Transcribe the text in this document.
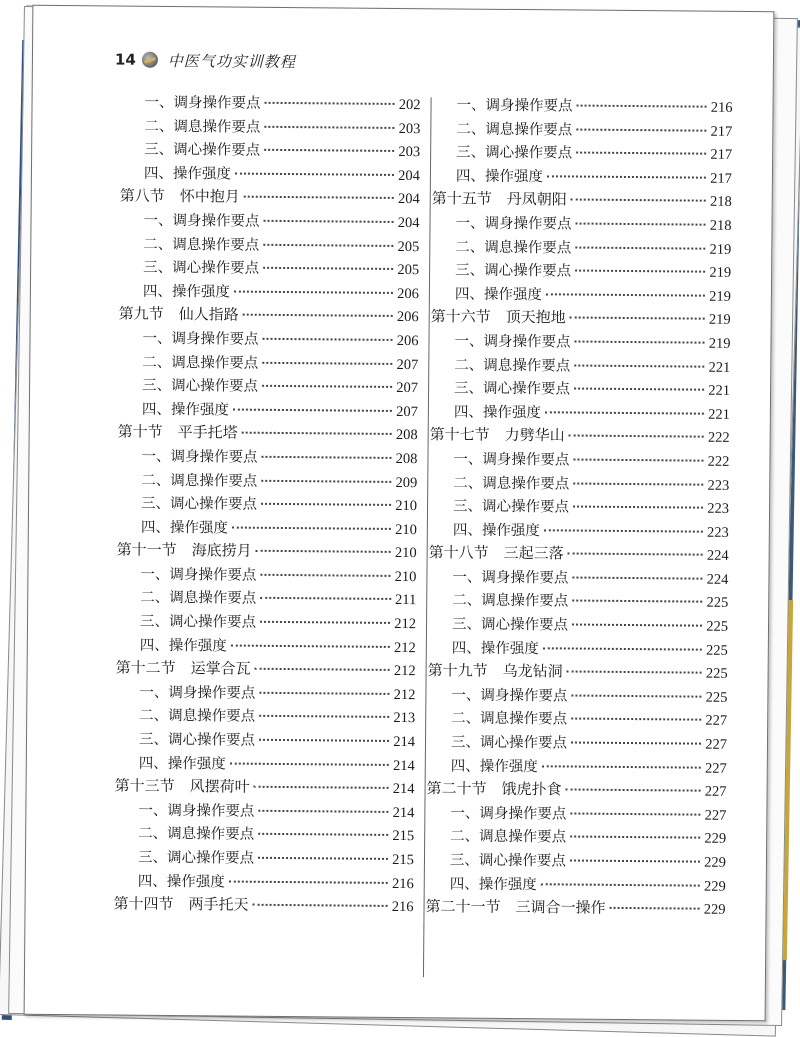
14 中医气功实训教程
一、调身操作要点	202
二、调息操作要点	203
三、调心操作要点	203
四、操作强度	204
第八节　怀中抱月	204
一、调身操作要点	204
二、调息操作要点	205
三、调心操作要点	205
四、操作强度	206
第九节　仙人指路	206
一、调身操作要点	206
二、调息操作要点	207
三、调心操作要点	207
四、操作强度	207
第十节　平手托塔	208
一、调身操作要点	208
二、调息操作要点	209
三、调心操作要点	210
四、操作强度	210
第十一节　海底捞月	210
一、调身操作要点	210
二、调息操作要点	211
三、调心操作要点	212
四、操作强度	212
第十二节　运掌合瓦	212
一、调身操作要点	212
二、调息操作要点	213
三、调心操作要点	214
四、操作强度	214
第十三节　风摆荷叶	214
一、调身操作要点	214
二、调息操作要点	215
三、调心操作要点	215
四、操作强度	216
第十四节　两手托天	216
一、调身操作要点	216
二、调息操作要点	217
三、调心操作要点	217
四、操作强度	217
第十五节　丹凤朝阳	218
一、调身操作要点	218
二、调息操作要点	219
三、调心操作要点	219
四、操作强度	219
第十六节　顶天抱地	219
一、调身操作要点	219
二、调息操作要点	221
三、调心操作要点	221
四、操作强度	221
第十七节　力劈华山	222
一、调身操作要点	222
二、调息操作要点	223
三、调心操作要点	223
四、操作强度	223
第十八节　三起三落	224
一、调身操作要点	224
二、调息操作要点	225
三、调心操作要点	225
四、操作强度	225
第十九节　乌龙钻洞	225
一、调身操作要点	225
二、调息操作要点	227
三、调心操作要点	227
四、操作强度	227
第二十节　饿虎扑食	227
一、调身操作要点	227
二、调息操作要点	229
三、调心操作要点	229
四、操作强度	229
第二十一节　三调合一操作	229
